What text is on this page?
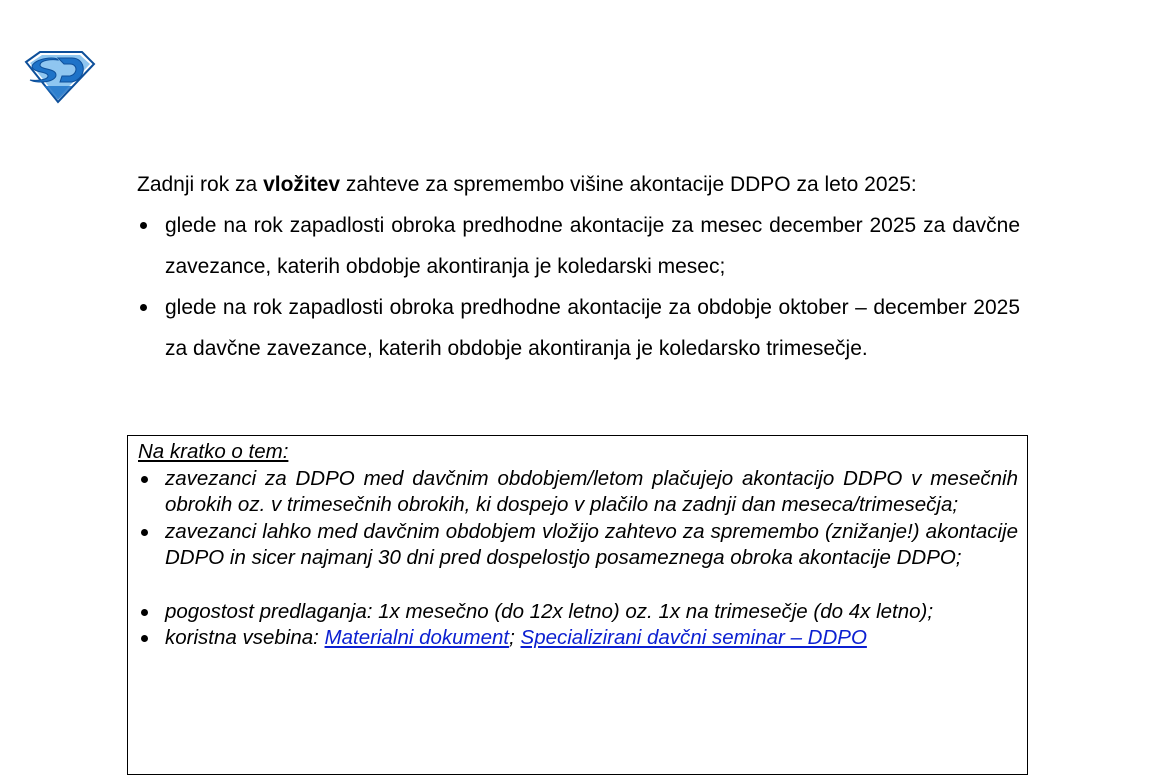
Zadnji rok za vložitev zahteve za spremembo višine akontacije DDPO za leto 2025:

glede na rok zapadlosti obroka predhodne akontacije za mesec december 2025 za davčne zavezance, katerih obdobje akontiranja je koledarski mesec;
glede na rok zapadlosti obroka predhodne akontacije za obdobje oktober – december 2025 za davčne zavezance, katerih obdobje akontiranja je koledarsko trimesečje.

Na kratko o tem:

zavezanci za DDPO med davčnim obdobjem/letom plačujejo akontacijo DDPO v mesečnih obrokih oz. v trimesečnih obrokih, ki dospejo v plačilo na zadnji dan meseca/trimesečja;
zavezanci lahko med davčnim obdobjem vložijo zahtevo za spremembo (znižanje!) akontacije DDPO in sicer najmanj 30 dni pred dospelostjo posameznega obroka akontacije DDPO;
pogostost predlaganja: 1x mesečno (do 12x letno) oz. 1x na trimesečje (do 4x letno);
koristna vsebina: Materialni dokument; Specializirani davčni seminar – DDPO
